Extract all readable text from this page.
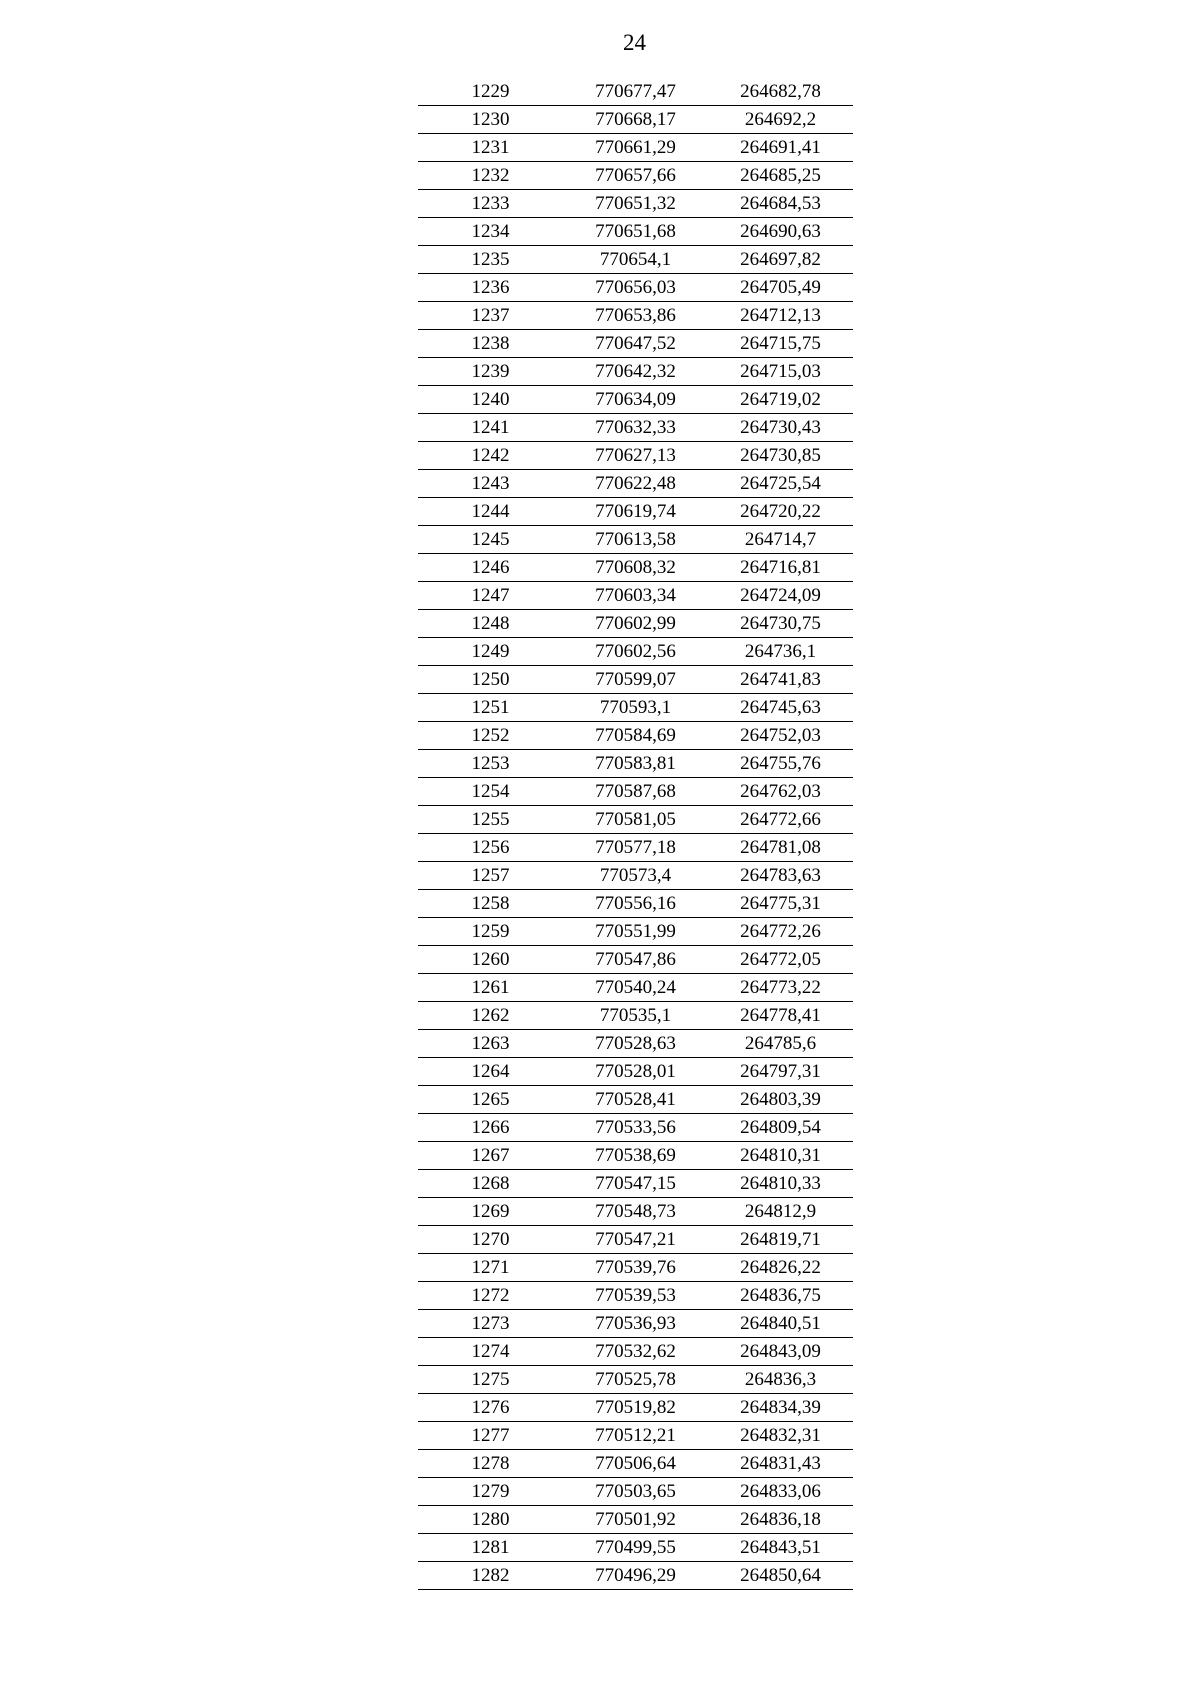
24
1229	770677,47	264682,78
1230	770668,17	264692,2
1231	770661,29	264691,41
1232	770657,66	264685,25
1233	770651,32	264684,53
1234	770651,68	264690,63
1235	770654,1	264697,82
1236	770656,03	264705,49
1237	770653,86	264712,13
1238	770647,52	264715,75
1239	770642,32	264715,03
1240	770634,09	264719,02
1241	770632,33	264730,43
1242	770627,13	264730,85
1243	770622,48	264725,54
1244	770619,74	264720,22
1245	770613,58	264714,7
1246	770608,32	264716,81
1247	770603,34	264724,09
1248	770602,99	264730,75
1249	770602,56	264736,1
1250	770599,07	264741,83
1251	770593,1	264745,63
1252	770584,69	264752,03
1253	770583,81	264755,76
1254	770587,68	264762,03
1255	770581,05	264772,66
1256	770577,18	264781,08
1257	770573,4	264783,63
1258	770556,16	264775,31
1259	770551,99	264772,26
1260	770547,86	264772,05
1261	770540,24	264773,22
1262	770535,1	264778,41
1263	770528,63	264785,6
1264	770528,01	264797,31
1265	770528,41	264803,39
1266	770533,56	264809,54
1267	770538,69	264810,31
1268	770547,15	264810,33
1269	770548,73	264812,9
1270	770547,21	264819,71
1271	770539,76	264826,22
1272	770539,53	264836,75
1273	770536,93	264840,51
1274	770532,62	264843,09
1275	770525,78	264836,3
1276	770519,82	264834,39
1277	770512,21	264832,31
1278	770506,64	264831,43
1279	770503,65	264833,06
1280	770501,92	264836,18
1281	770499,55	264843,51
1282	770496,29	264850,64
